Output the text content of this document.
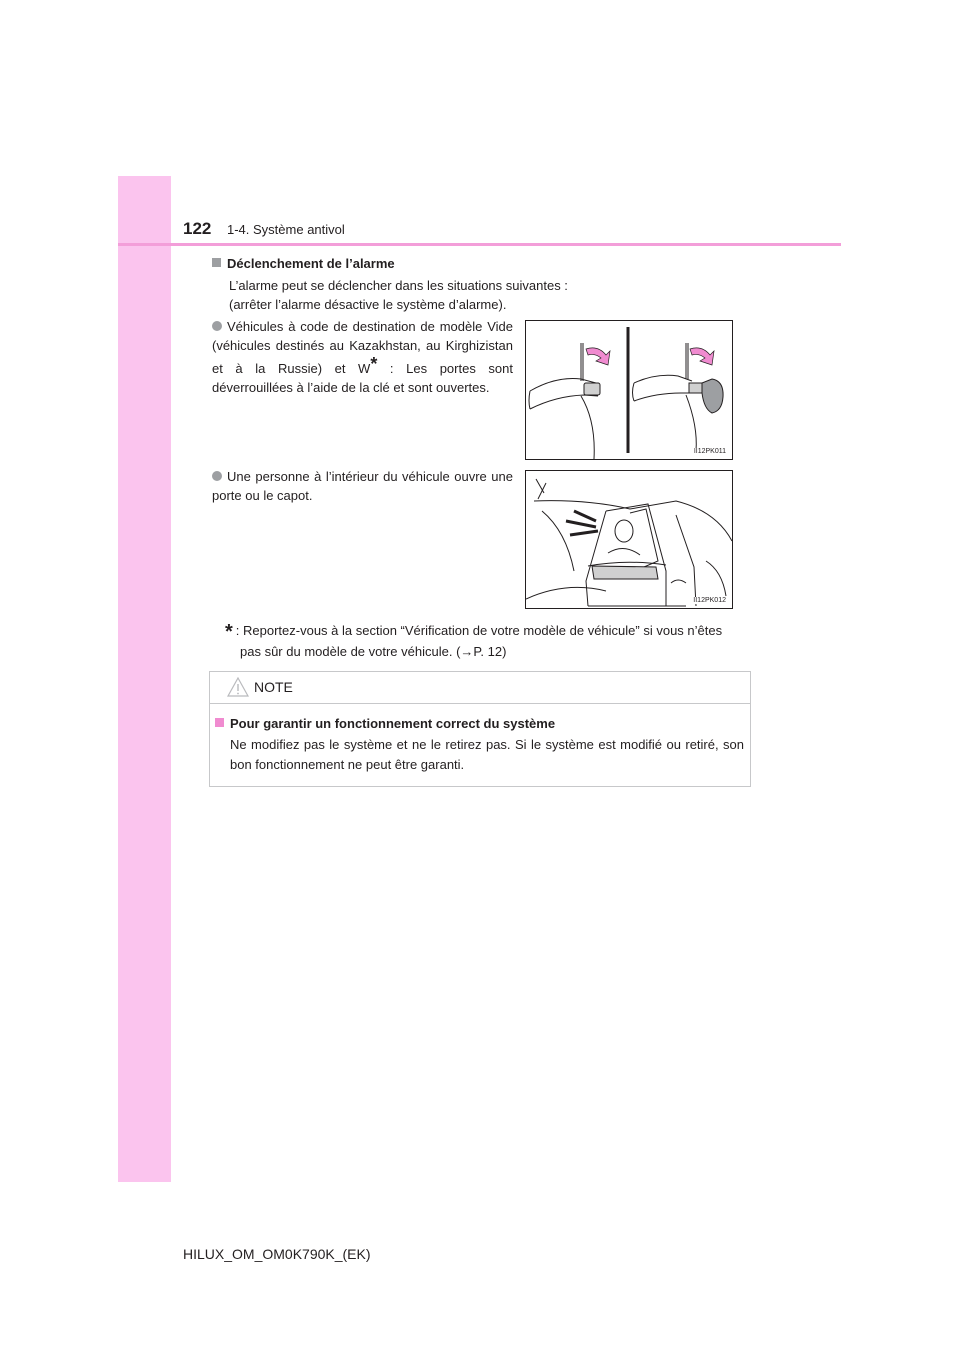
122 1-4. Système antivol
Déclenchement de l’alarme
L’alarme peut se déclencher dans les situations suivantes :
(arrêter l’alarme désactive le système d’alarme).
Véhicules à code de destination de modèle Vide (véhicules destinés au Kazakhstan, au Kirghizistan et à la Russie) et W* : Les portes sont déverrouillées à l’aide de la clé et sont ouvertes.
II12PK011
Une personne à l’intérieur du véhicule ouvre une porte ou le capot.
II12PK012
* : Reportez-vous à la section “Vérification de votre modèle de véhicule” si vous n’êtes
pas sûr du modèle de votre véhicule. (→P. 12)
NOTE
Pour garantir un fonctionnement correct du système
Ne modifiez pas le système et ne le retirez pas. Si le système est modifié ou retiré, son bon fonctionnement ne peut être garanti.
HILUX_OM_OM0K790K_(EK)
